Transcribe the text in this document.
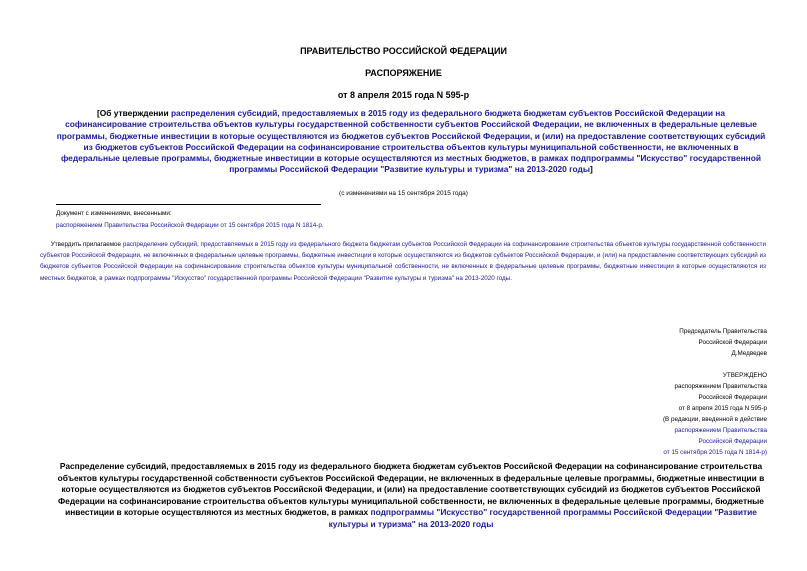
ПРАВИТЕЛЬСТВО РОССИЙСКОЙ ФЕДЕРАЦИИ
РАСПОРЯЖЕНИЕ
от 8 апреля 2015 года N 595-р
[Об утверждении распределения субсидий, предоставляемых в 2015 году из федерального бюджета бюджетам субъектов Российской Федерации на софинансирование строительства объектов культуры государственной собственности субъектов Российской Федерации, не включенных в федеральные целевые программы, бюджетные инвестиции в которые осуществляются из бюджетов субъектов Российской Федерации, и (или) на предоставление соответствующих субсидий из бюджетов субъектов Российской Федерации на софинансирование строительства объектов культуры муниципальной собственности, не включенных в федеральные целевые программы, бюджетные инвестиции в которые осуществляются из местных бюджетов, в рамках подпрограммы "Искусство" государственной программы Российской Федерации "Развитие культуры и туризма" на 2013-2020 годы]
(с изменениями на 15 сентября 2015 года)
Документ с изменениями, внесенными:
распоряжением Правительства Российской Федерации от 15 сентября 2015 года N 1814-р.
Утвердить прилагаемое распределение субсидий, предоставляемых в 2015 году из федерального бюджета бюджетам субъектов Российской Федерации на софинансирование строительства объектов культуры государственной собственности субъектов Российской Федерации, не включенных в федеральные целевые программы, бюджетные инвестиции в которые осуществляются из бюджетов субъектов Российской Федерации, и (или) на предоставление соответствующих субсидий из бюджетов субъектов Российской Федерации на софинансирование строительства объектов культуры муниципальной собственности, не включенных в федеральные целевые программы, бюджетные инвестиции в которые осуществляются из местных бюджетов, в рамках подпрограммы "Искусство" государственной программы Российской Федерации "Развитие культуры и туризма" на 2013-2020 годы.
Председатель Правительства
Российской Федерации
Д.Медведев
УТВЕРЖДЕНО
распоряжением Правительства
Российской Федерации
от 8 апреля 2015 года N 595-р
(В редакции, введенной в действие
распоряжением Правительства
Российской Федерации
от 15 сентября 2015 года N 1814-р)
Распределение субсидий, предоставляемых в 2015 году из федерального бюджета бюджетам субъектов Российской Федерации на софинансирование строительства объектов культуры государственной собственности субъектов Российской Федерации, не включенных в федеральные целевые программы, бюджетные инвестиции в которые осуществляются из бюджетов субъектов Российской Федерации, и (или) на предоставление соответствующих субсидий из бюджетов субъектов Российской Федерации на софинансирование строительства объектов культуры муниципальной собственности, не включенных в федеральные целевые программы, бюджетные инвестиции в которые осуществляются из местных бюджетов, в рамках подпрограммы "Искусство" государственной программы Российской Федерации "Развитие культуры и туризма" на 2013-2020 годы
